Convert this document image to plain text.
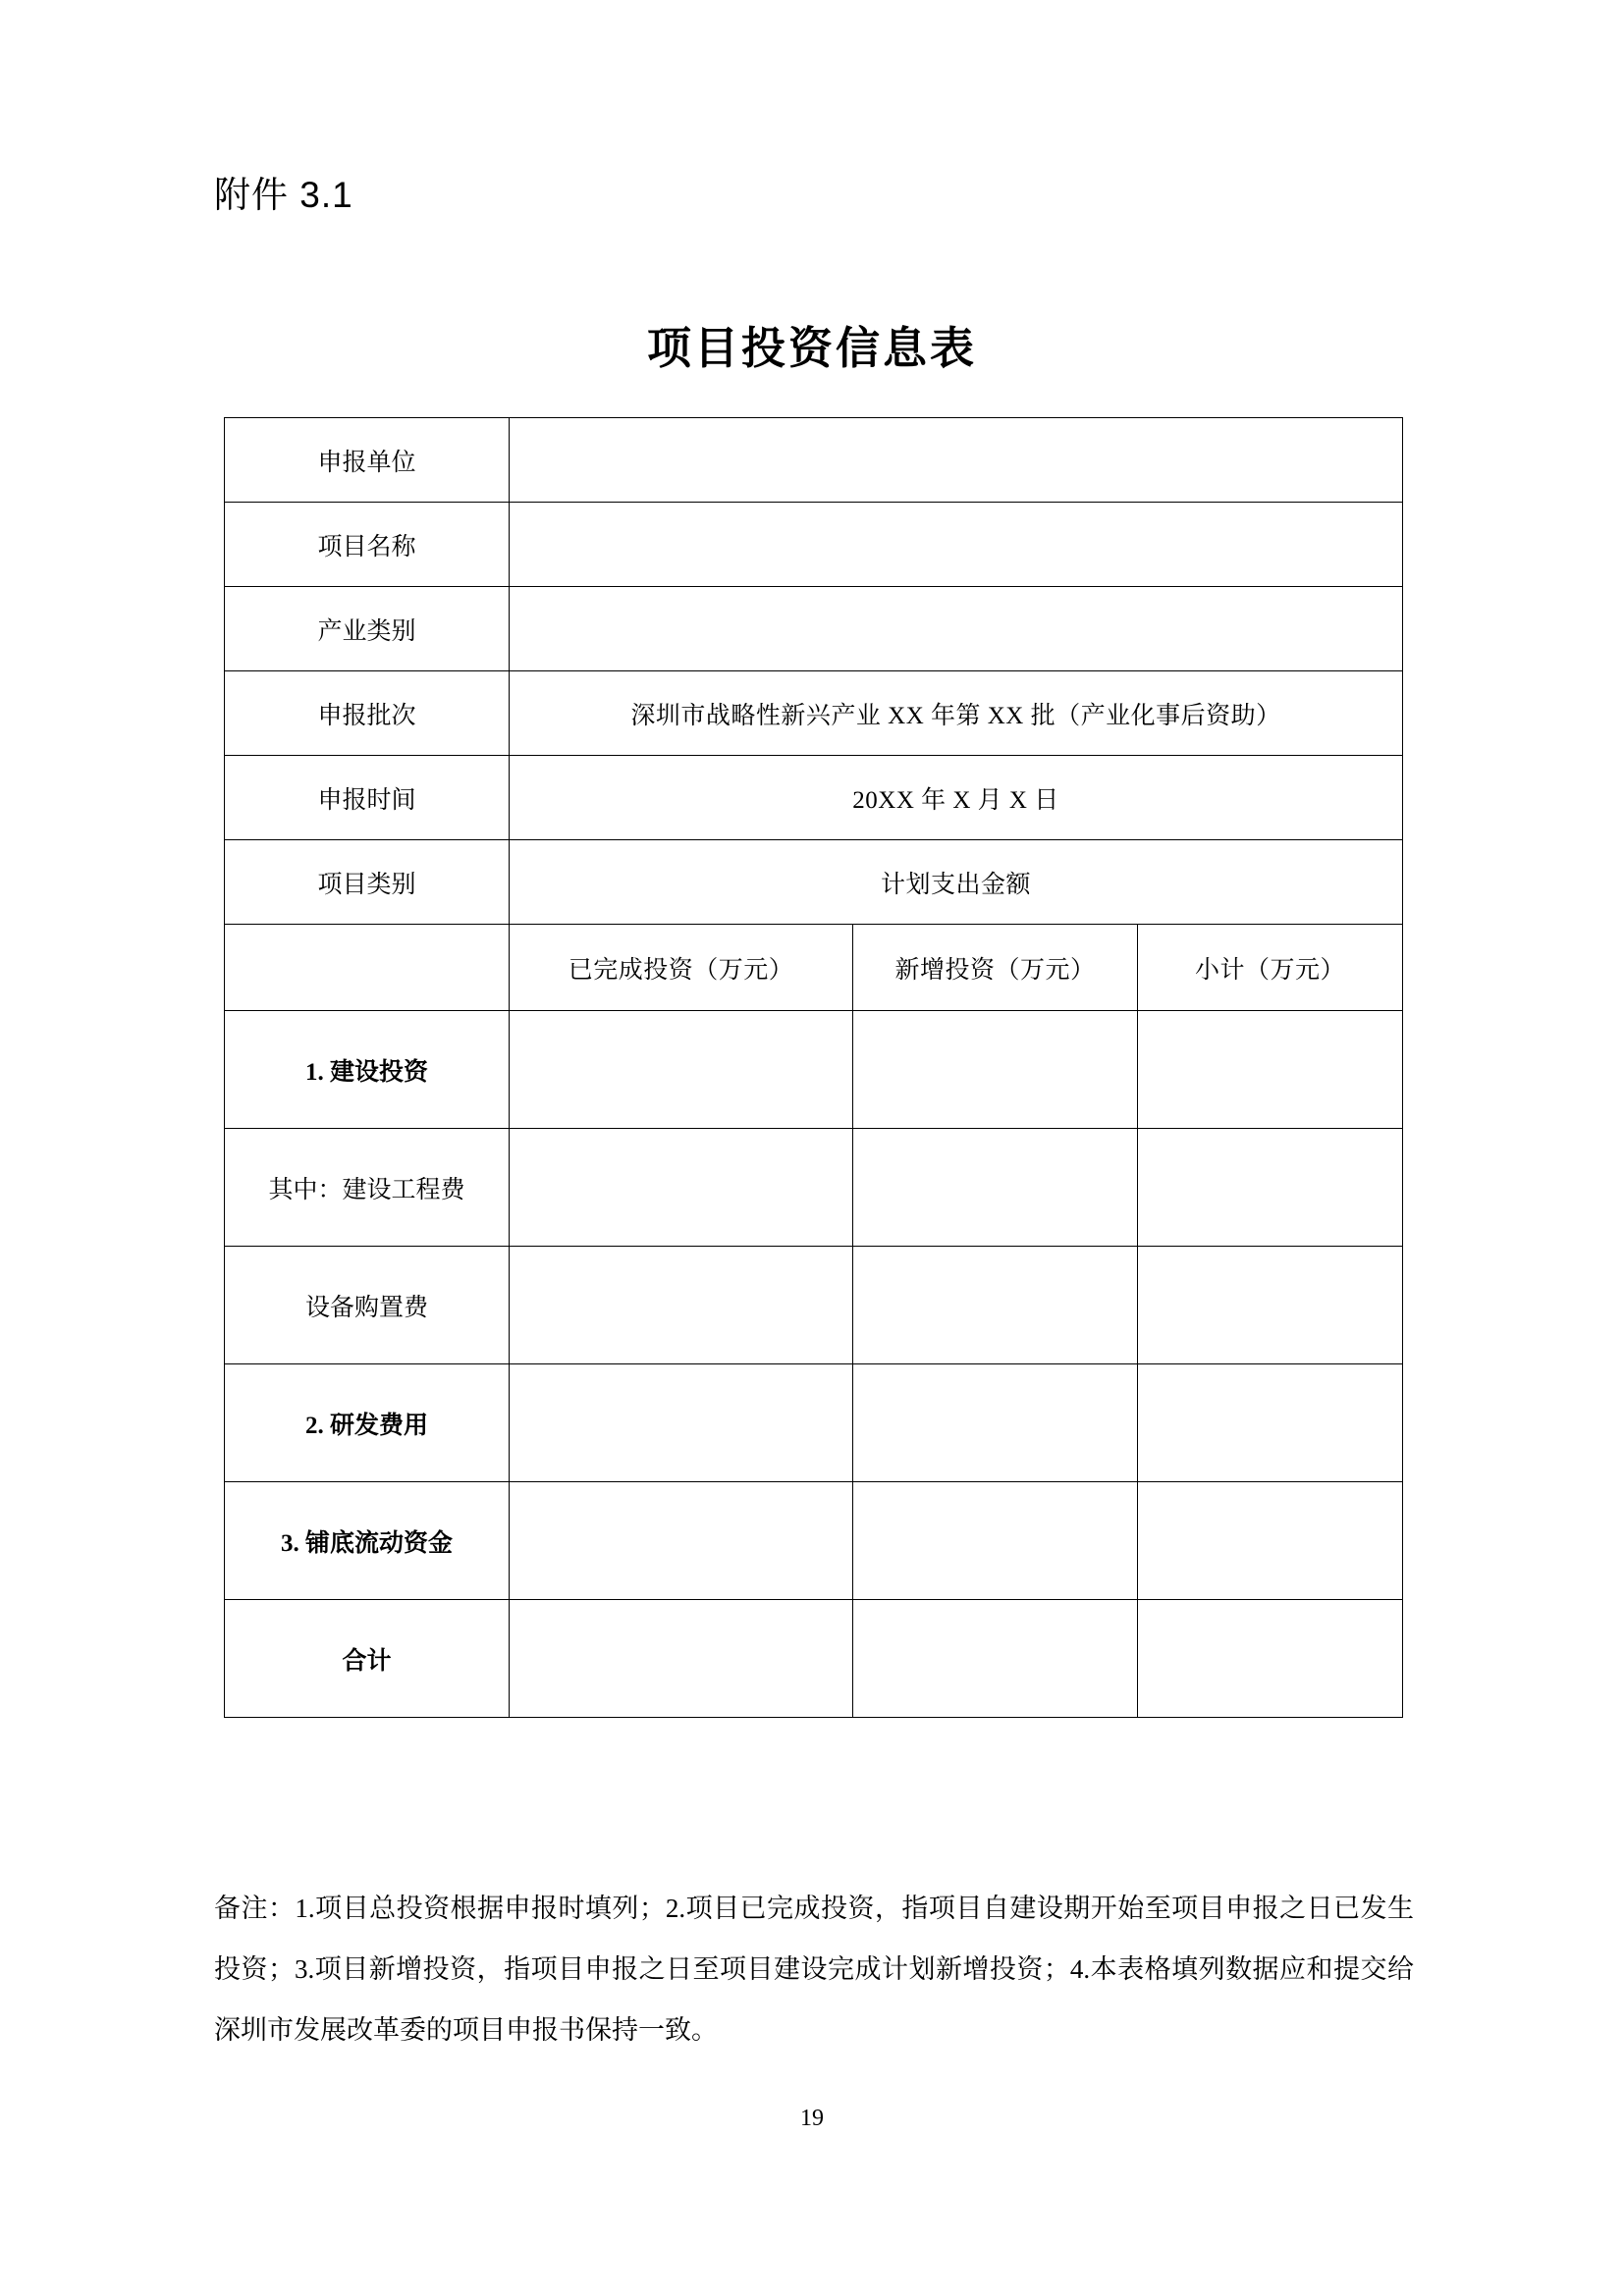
附件 3.1
项目投资信息表
申报单位			
项目名称			
产业类别			
申报批次	深圳市战略性新兴产业 XX 年第 XX 批（产业化事后资助）		
申报时间	20XX 年 X 月 X 日		
项目类别	计划支出金额		
	已完成投资（万元）	新增投资（万元）	小计（万元）
1. 建设投资			
其中：建设工程费			
设备购置费			
2. 研发费用			
3. 铺底流动资金			
合计			
备注：1.项目总投资根据申报时填列；2.项目已完成投资，指项目自建设期开始至项目申报之日已发生投资；3.项目新增投资，指项目申报之日至项目建设完成计划新增投资；4.本表格填列数据应和提交给深圳市发展改革委的项目申报书保持一致。
19
